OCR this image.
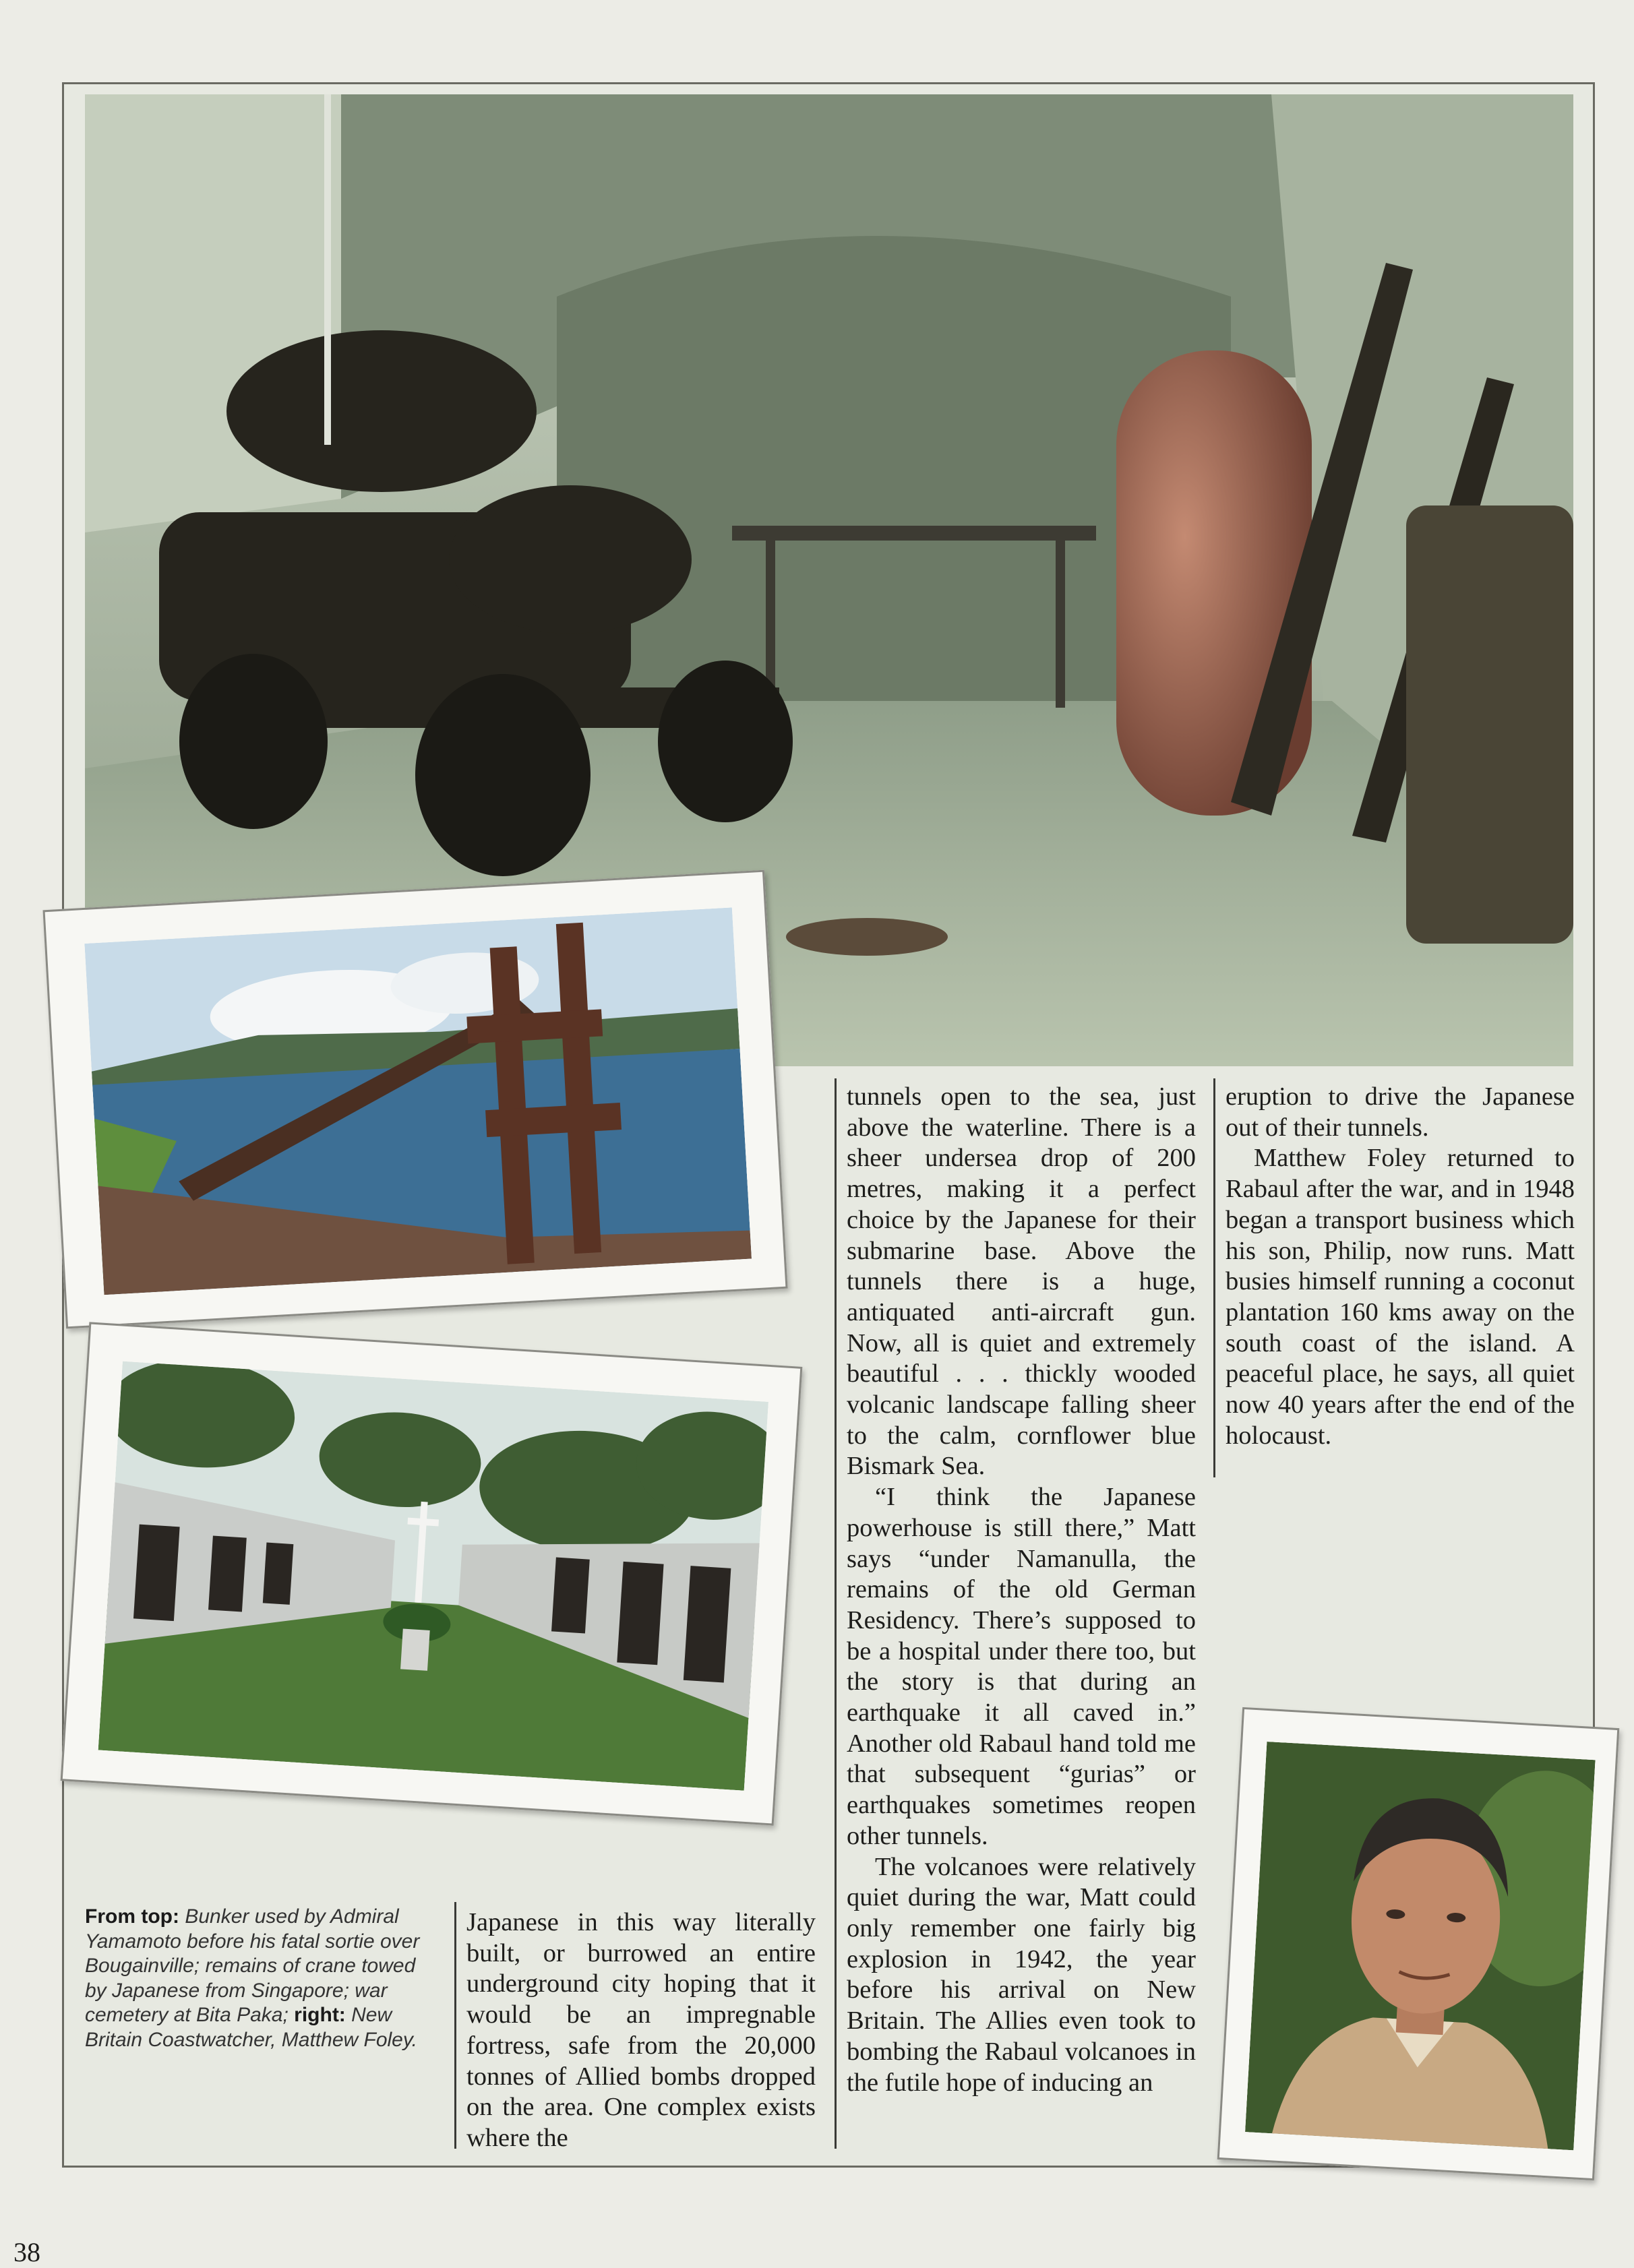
From top: Bunker used by Admiral Yamamoto before his fatal sortie over Bougainville; remains of crane towed by Japanese from Singapore; war cemetery at Bita Paka; right: New Britain Coastwatcher, Matthew Foley.

Japanese in this way literally built, or burrowed an entire underground city hoping that it would be an impregnable fortress, safe from the 20,000 tonnes of Allied bombs dropped on the area. One complex exists where the

tunnels open to the sea, just above the waterline. There is a sheer undersea drop of 200 metres, making it a perfect choice by the Japanese for their submarine base. Above the tunnels there is a huge, antiquated anti-aircraft gun. Now, all is quiet and extremely beautiful . . . thickly wooded volcanic landscape falling sheer to the calm, cornflower blue Bismark Sea.

“I think the Japanese powerhouse is still there,” Matt says “under Namanulla, the remains of the old German Residency. There’s supposed to be a hospital under there too, but the story is that during an earthquake it all caved in.” Another old Rabaul hand told me that subsequent “gurias” or earthquakes sometimes reopen other tunnels.

The volcanoes were relatively quiet during the war, Matt could only remember one fairly big explosion in 1942, the year before his arrival on New Britain. The Allies even took to bombing the Rabaul volcanoes in the futile hope of inducing an

eruption to drive the Japanese out of their tunnels.

Matthew Foley returned to Rabaul after the war, and in 1948 began a transport business which his son, Philip, now runs. Matt busies himself running a coconut plantation 160 kms away on the south coast of the island. A peaceful place, he says, all quiet now 40 years after the end of the holocaust.

38
